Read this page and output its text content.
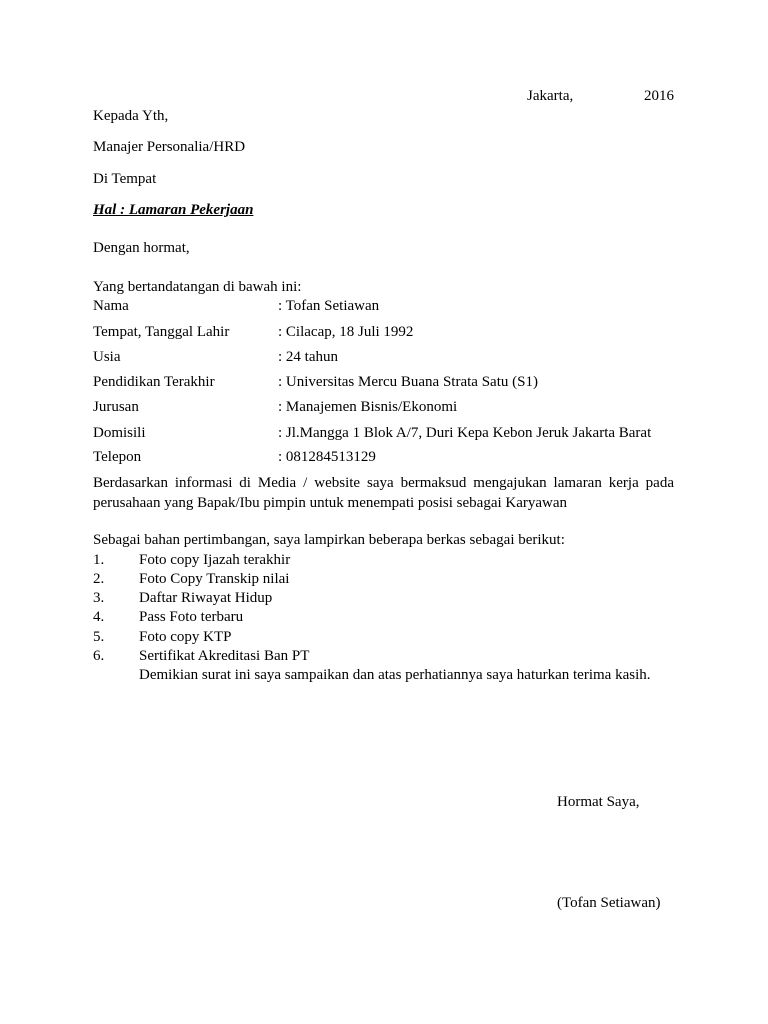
Jakarta,	2016
Kepada Yth,
Manajer Personalia/HRD
Di Tempat
Hal : Lamaran Pekerjaan
Dengan hormat,
Yang bertandatangan di bawah ini:
Nama	: Tofan Setiawan
Tempat, Tanggal Lahir	: Cilacap, 18 Juli 1992
Usia	: 24 tahun
Pendidikan Terakhir	: Universitas Mercu Buana Strata Satu (S1)
Jurusan	: Manajemen Bisnis/Ekonomi
Domisili	: Jl.Mangga 1 Blok A/7, Duri Kepa Kebon Jeruk Jakarta Barat
Telepon	: 081284513129
Berdasarkan informasi di Media / website saya bermaksud mengajukan lamaran kerja pada perusahaan yang Bapak/Ibu pimpin untuk menempati posisi sebagai Karyawan
Sebagai bahan pertimbangan, saya lampirkan beberapa berkas sebagai berikut:
1. Foto copy Ijazah terakhir
2. Foto Copy Transkip nilai
3. Daftar Riwayat Hidup
4. Pass Foto terbaru
5. Foto copy KTP
6. Sertifikat Akreditasi Ban PT
Demikian surat ini saya sampaikan dan atas perhatiannya saya haturkan terima kasih.
Hormat Saya,
(Tofan Setiawan)
